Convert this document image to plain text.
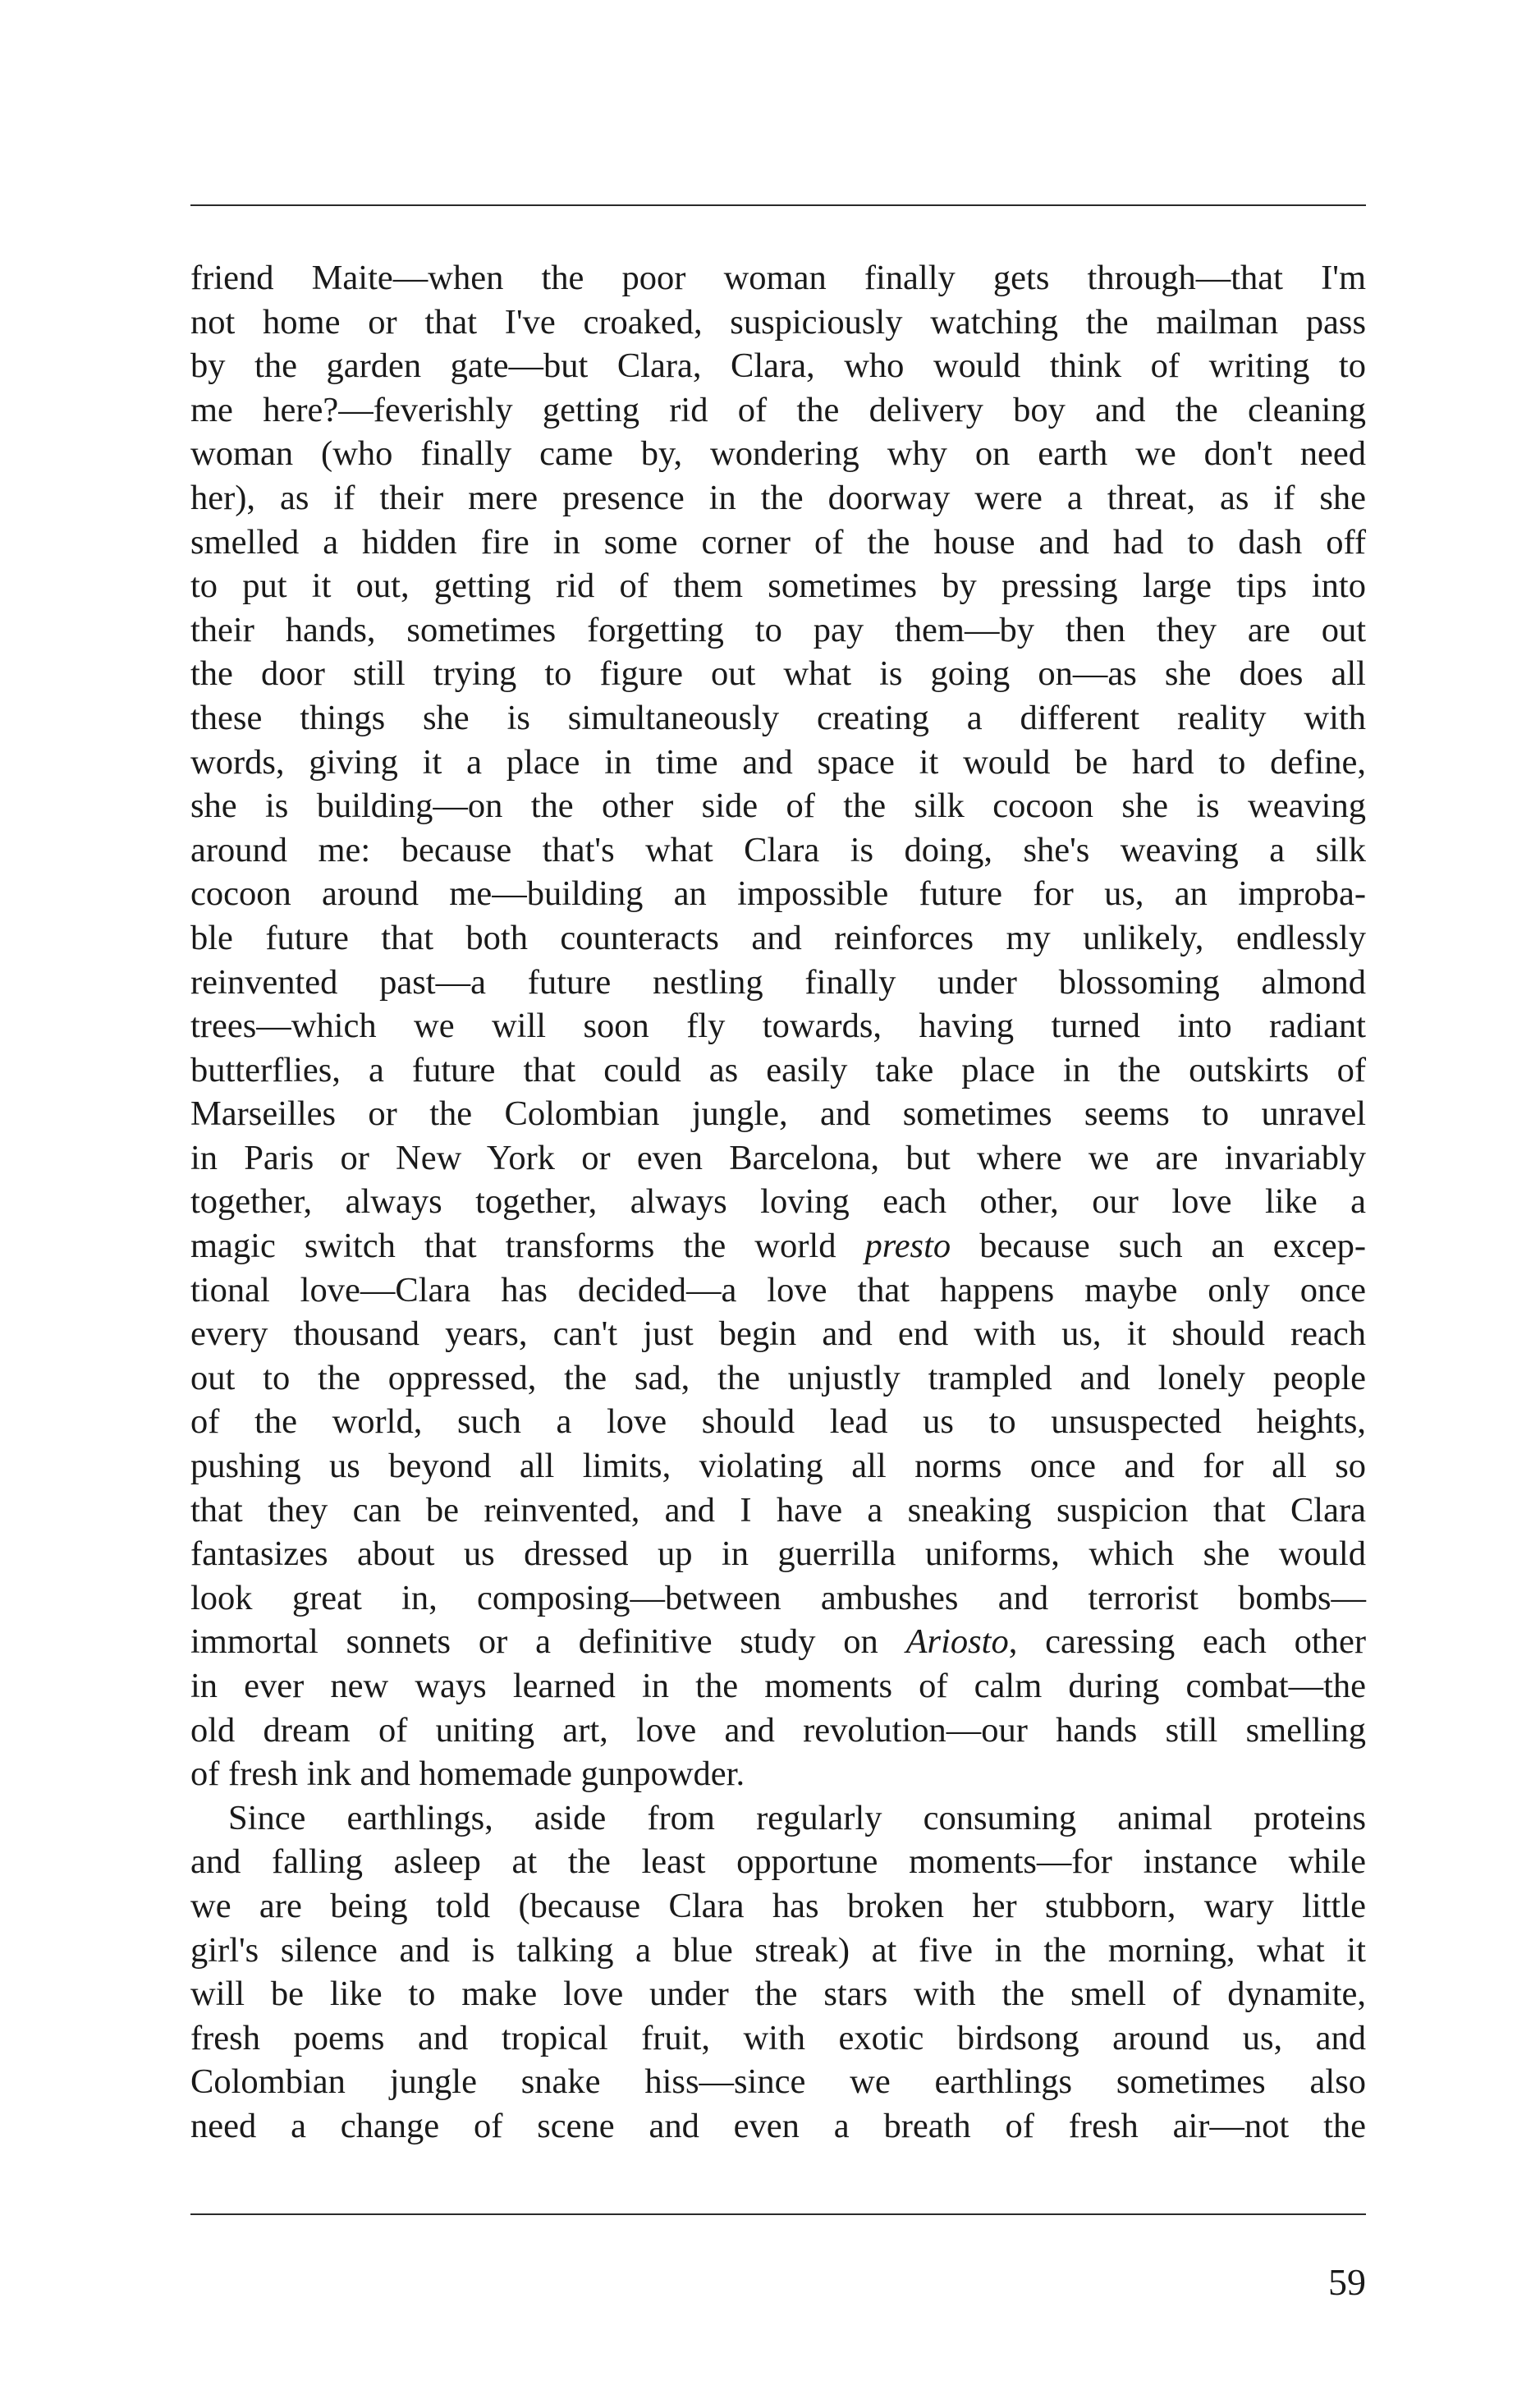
friend Maite—when the poor woman finally gets through—that I'm
not home or that I've croaked, suspiciously watching the mailman pass
by the garden gate—but Clara, Clara, who would think of writing to
me here?—feverishly getting rid of the delivery boy and the cleaning
woman (who finally came by, wondering why on earth we don't need
her), as if their mere presence in the doorway were a threat, as if she
smelled a hidden fire in some corner of the house and had to dash off
to put it out, getting rid of them sometimes by pressing large tips into
their hands, sometimes forgetting to pay them—by then they are out
the door still trying to figure out what is going on—as she does all
these things she is simultaneously creating a different reality with
words, giving it a place in time and space it would be hard to define,
she is building—on the other side of the silk cocoon she is weaving
around me: because that's what Clara is doing, she's weaving a silk
cocoon around me—building an impossible future for us, an improba-
ble future that both counteracts and reinforces my unlikely, endlessly
reinvented past—a future nestling finally under blossoming almond
trees—which we will soon fly towards, having turned into radiant
butterflies, a future that could as easily take place in the outskirts of
Marseilles or the Colombian jungle, and sometimes seems to unravel
in Paris or New York or even Barcelona, but where we are invariably
together, always together, always loving each other, our love like a
magic switch that transforms the world presto because such an excep-
tional love—Clara has decided—a love that happens maybe only once
every thousand years, can't just begin and end with us, it should reach
out to the oppressed, the sad, the unjustly trampled and lonely people
of the world, such a love should lead us to unsuspected heights,
pushing us beyond all limits, violating all norms once and for all so
that they can be reinvented, and I have a sneaking suspicion that Clara
fantasizes about us dressed up in guerrilla uniforms, which she would
look great in, composing—between ambushes and terrorist bombs—
immortal sonnets or a definitive study on Ariosto, caressing each other
in ever new ways learned in the moments of calm during combat—the
old dream of uniting art, love and revolution—our hands still smelling
of fresh ink and homemade gunpowder.
Since earthlings, aside from regularly consuming animal proteins
and falling asleep at the least opportune moments—for instance while
we are being told (because Clara has broken her stubborn, wary little
girl's silence and is talking a blue streak) at five in the morning, what it
will be like to make love under the stars with the smell of dynamite,
fresh poems and tropical fruit, with exotic birdsong around us, and
Colombian jungle snake hiss—since we earthlings sometimes also
need a change of scene and even a breath of fresh air—not the
59
